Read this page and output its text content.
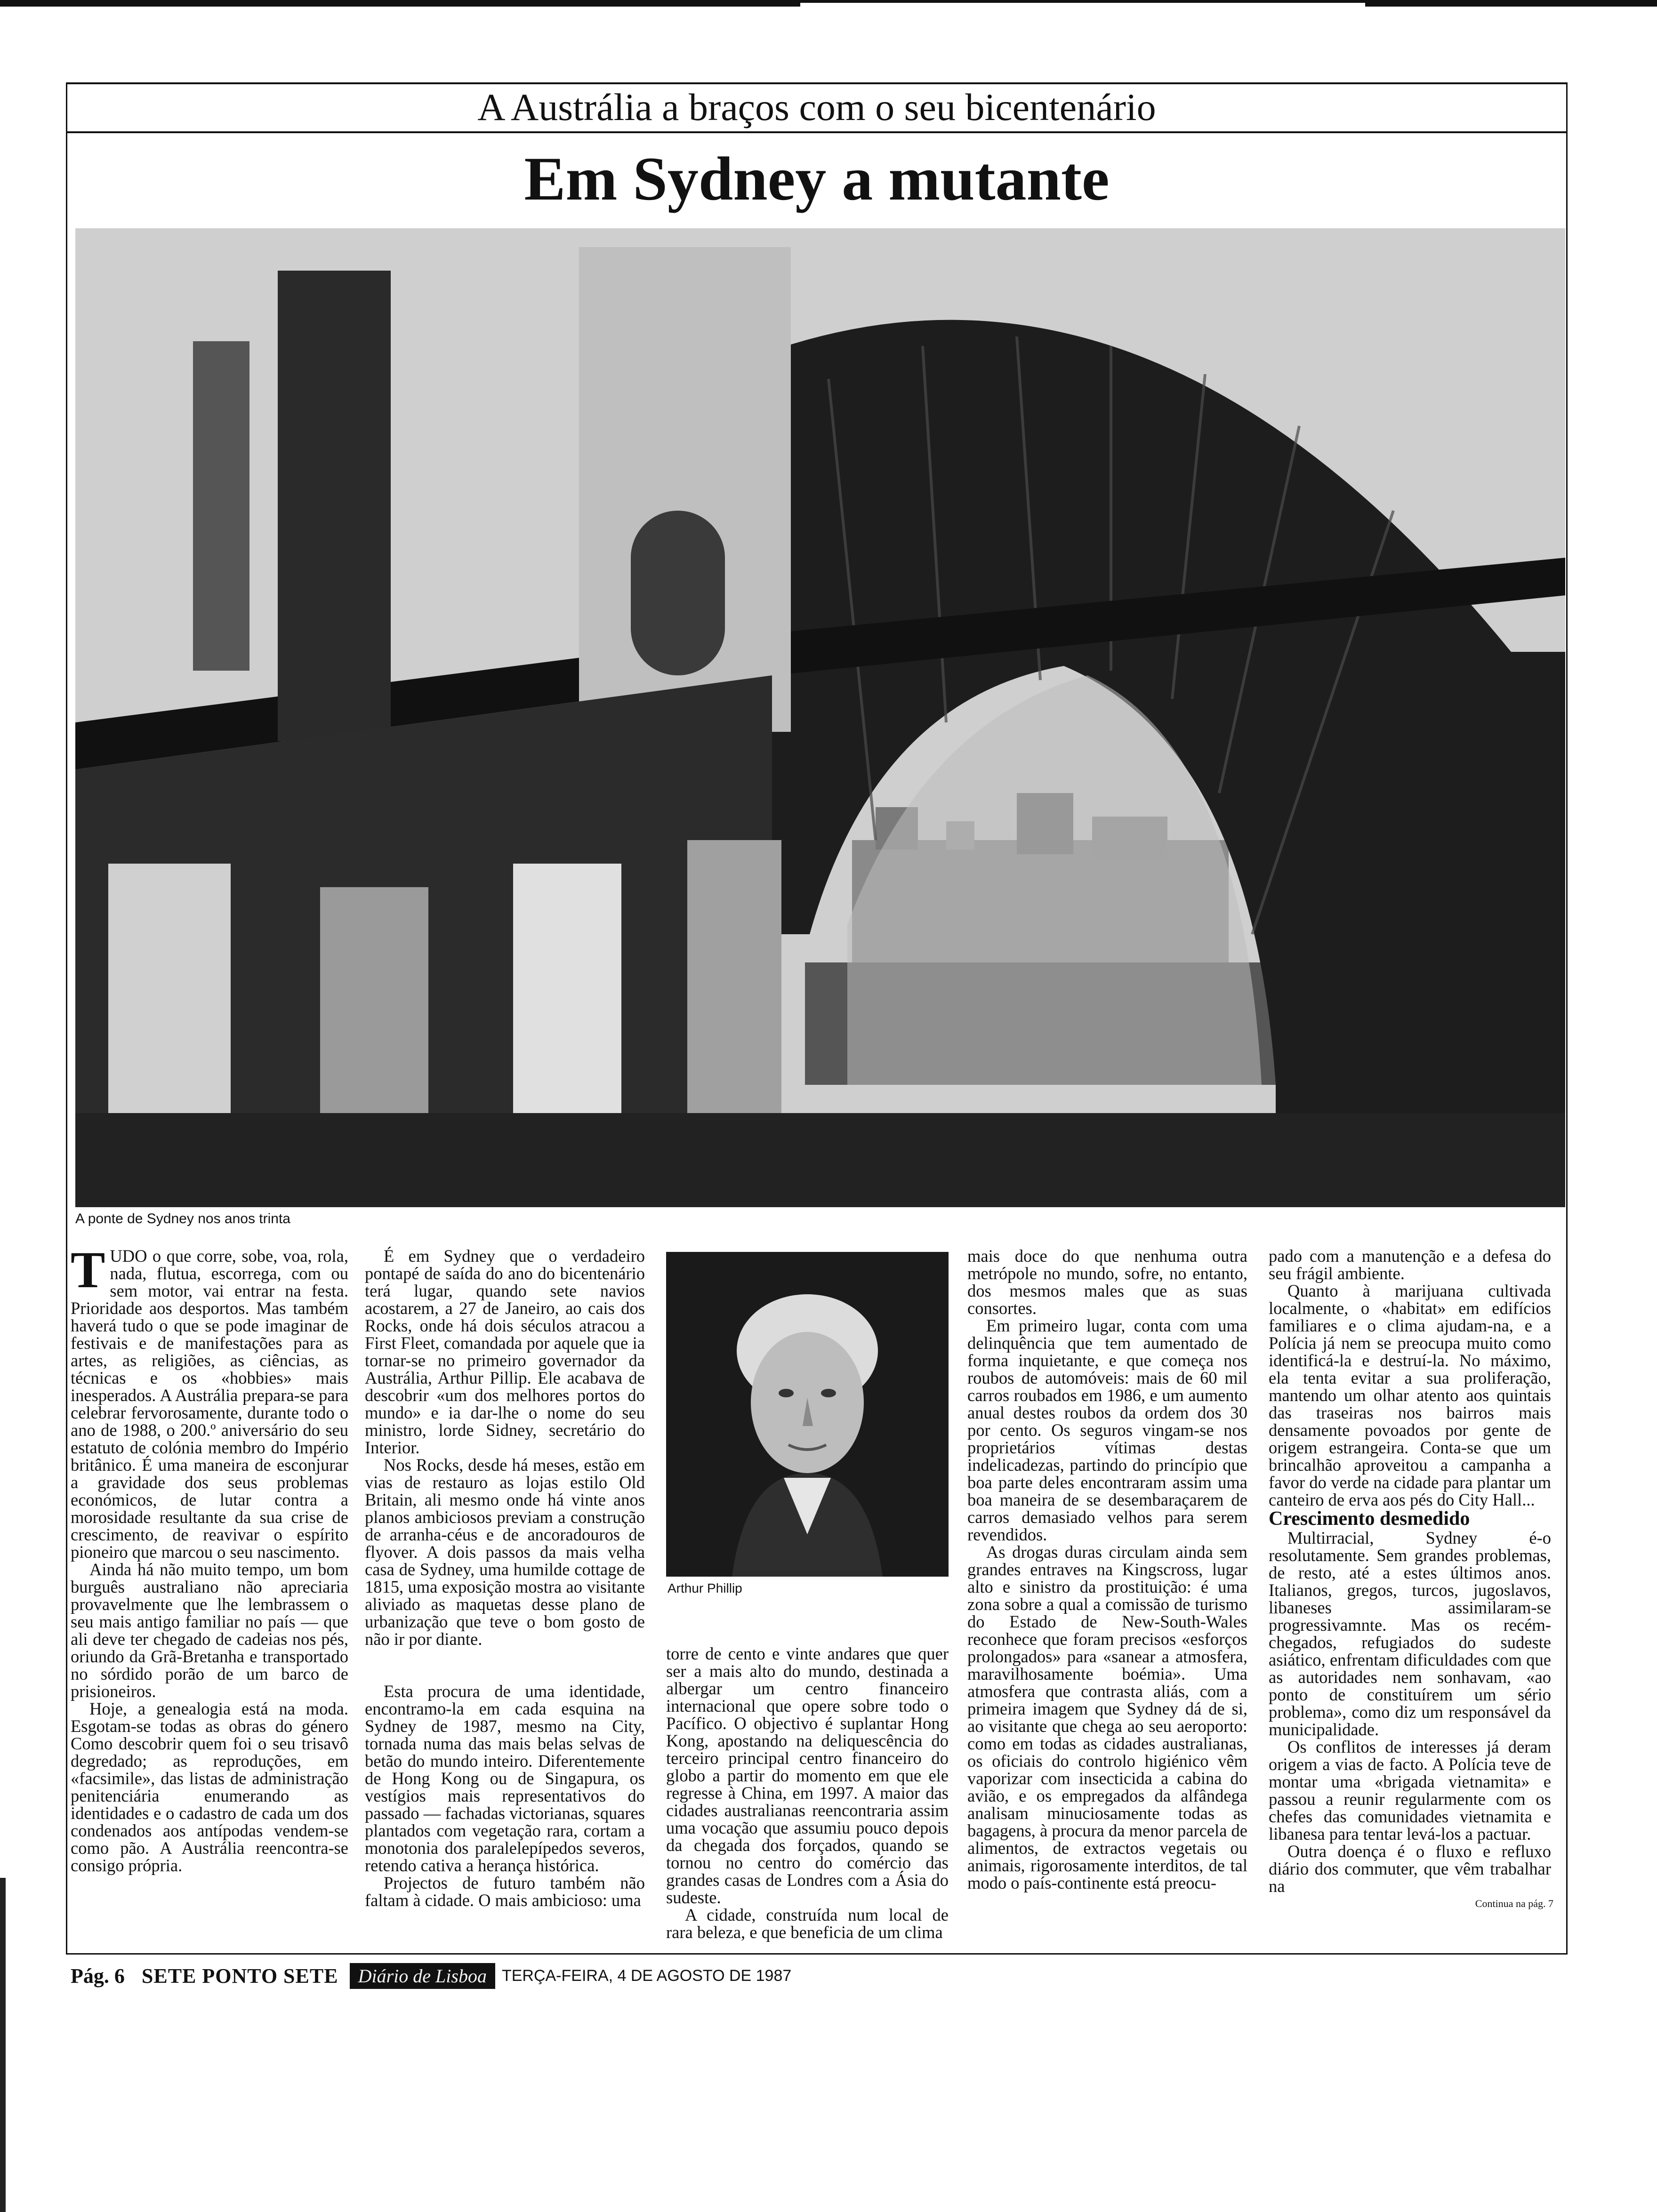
A Austrália a braços com o seu bicentenário
Em Sydney a mutante
A ponte de Sydney nos anos trinta

TUDO o que corre, sobe, voa, rola, nada, flutua, escorrega, com ou sem motor, vai entrar na festa. Prioridade aos desportos. Mas também haverá tudo o que se pode imaginar de festivais e de manifestações para as artes, as religiões, as ciências, as técnicas e os «hobbies» mais inesperados. A Austrália prepara-se para celebrar fervorosamente, durante todo o ano de 1988, o 200.º aniversário do seu estatuto de colónia membro do Império britânico. É uma maneira de esconjurar a gravidade dos seus problemas económicos, de lutar contra a morosidade resultante da sua crise de crescimento, de reavivar o espírito pioneiro que marcou o seu nascimento.

Ainda há não muito tempo, um bom burguês australiano não apreciaria provavelmente que lhe lembrassem o seu mais antigo familiar no país — que ali deve ter chegado de cadeias nos pés, oriundo da Grã-Bretanha e transportado no sórdido porão de um barco de prisioneiros.

Hoje, a genealogia está na moda. Esgotam-se todas as obras do género Como descobrir quem foi o seu trisavô degredado; as reproduções, em «facsimile», das listas de administração penitenciária enumerando as identidades e o cadastro de cada um dos condenados aos antípodas vendem-se como pão. A Austrália reencontra-se consigo própria.

É em Sydney que o verdadeiro pontapé de saída do ano do bicentenário terá lugar, quando sete navios acostarem, a 27 de Janeiro, ao cais dos Rocks, onde há dois séculos atracou a First Fleet, comandada por aquele que ia tornar-se no primeiro governador da Austrália, Arthur Pillip. Ele acabava de descobrir «um dos melhores portos do mundo» e ia dar-lhe o nome do seu ministro, lorde Sidney, secretário do Interior.

Nos Rocks, desde há meses, estão em vias de restauro as lojas estilo Old Britain, ali mesmo onde há vinte anos planos ambiciosos previam a construção de arranha-céus e de ancoradouros de flyover. A dois passos da mais velha casa de Sydney, uma humilde cottage de 1815, uma exposição mostra ao visitante aliviado as maquetas desse plano de urbanização que teve o bom gosto de não ir por diante.

Esta procura de uma identidade, encontramo-la em cada esquina na Sydney de 1987, mesmo na City, tornada numa das mais belas selvas de betão do mundo inteiro. Diferentemente de Hong Kong ou de Singapura, os vestígios mais representativos do passado — fachadas victorianas, squares plantados com vegetação rara, cortam a monotonia dos paralelepípedos severos, retendo cativa a herança histórica.

Projectos de futuro também não faltam à cidade. O mais ambicioso: uma

Arthur Phillip

torre de cento e vinte andares que quer ser a mais alto do mundo, destinada a albergar um centro financeiro internacional que opere sobre todo o Pacífico. O objectivo é suplantar Hong Kong, apostando na deliquescência do terceiro principal centro financeiro do globo a partir do momento em que ele regresse à China, em 1997. A maior das cidades australianas reencontraria assim uma vocação que assumiu pouco depois da chegada dos forçados, quando se tornou no centro do comércio das grandes casas de Londres com a Ásia do sudeste.

A cidade, construída num local de rara beleza, e que beneficia de um clima

mais doce do que nenhuma outra metrópole no mundo, sofre, no entanto, dos mesmos males que as suas consortes.

Em primeiro lugar, conta com uma delinquência que tem aumentado de forma inquietante, e que começa nos roubos de automóveis: mais de 60 mil carros roubados em 1986, e um aumento anual destes roubos da ordem dos 30 por cento. Os seguros vingam-se nos proprietários vítimas destas indelicadezas, partindo do princípio que boa parte deles encontraram assim uma boa maneira de se desembaraçarem de carros demasiado velhos para serem revendidos.

As drogas duras circulam ainda sem grandes entraves na Kingscross, lugar alto e sinistro da prostituição: é uma zona sobre a qual a comissão de turismo do Estado de New-South-Wales reconhece que foram precisos «esforços prolongados» para «sanear a atmosfera, maravilhosamente boémia». Uma atmosfera que contrasta aliás, com a primeira imagem que Sydney dá de si, ao visitante que chega ao seu aeroporto: como em todas as cidades australianas, os oficiais do controlo higiénico vêm vaporizar com insecticida a cabina do avião, e os empregados da alfândega analisam minuciosamente todas as bagagens, à procura da menor parcela de alimentos, de extractos vegetais ou animais, rigorosamente interditos, de tal modo o país-continente está preocu-

pado com a manutenção e a defesa do seu frágil ambiente.

Quanto à marijuana cultivada localmente, o «habitat» em edifícios familiares e o clima ajudam-na, e a Polícia já nem se preocupa muito como identificá-la e destruí-la. No máximo, ela tenta evitar a sua proliferação, mantendo um olhar atento aos quintais das traseiras nos bairros mais densamente povoados por gente de origem estrangeira. Conta-se que um brincalhão aproveitou a campanha a favor do verde na cidade para plantar um canteiro de erva aos pés do City Hall...

Crescimento desmedido

Multirracial, Sydney é-o resolutamente. Sem grandes problemas, de resto, até a estes últimos anos. Italianos, gregos, turcos, jugoslavos, libaneses assimilaram-se progressivamnte. Mas os recém-chegados, refugiados do sudeste asiático, enfrentam dificuldades com que as autoridades nem sonhavam, «ao ponto de constituírem um sério problema», como diz um responsável da municipalidade.

Os conflitos de interesses já deram origem a vias de facto. A Polícia teve de montar uma «brigada vietnamita» e passou a reunir regularmente com os chefes das comunidades vietnamita e libanesa para tentar levá-los a pactuar.

Outra doença é o fluxo e refluxo diário dos commuter, que vêm trabalhar na

Continua na pág. 7
Pág. 6 SETE PONTO SETE	Diário de Lisboa TERÇA-FEIRA, 4 DE AGOSTO DE 1987
